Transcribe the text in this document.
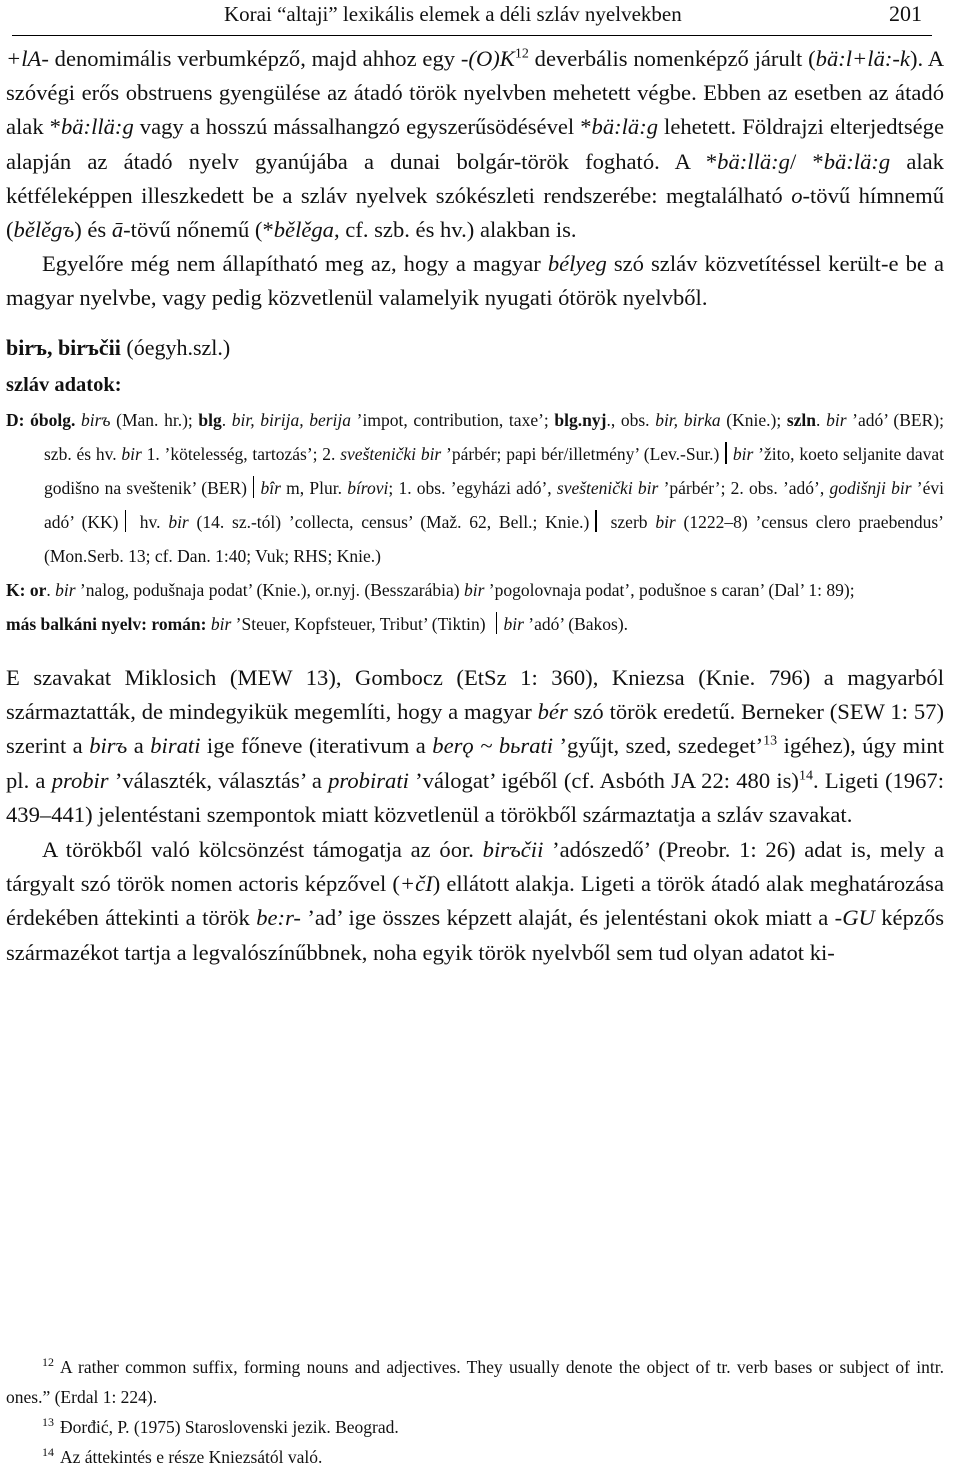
Korai “altaji” lexikális elemek a déli szláv nyelvekben	201

+lA- denomimális verbumképző, majd ahhoz egy $-(O)K^{12}$ deverbális nomenképző járult (bä:l+lä:-k). A szóvégi erős obstruens gyengülése az átadó török nyelvben mehetett végbe. Ebben az esetben az átadó alak *bä:llä:g vagy a hosszú mássalhangzó egyszerűsödésével *bä:lä:g lehetett. Földrajzi elterjedtsége alapján az átadó nyelv gyanújába a dunai bolgár-török fogható. A *bä:llä:g/ *bä:lä:g alak kétféleképpen illeszkedett be a szláv nyelvek szókészleti rendszerébe: megtalálható o-tövű hímnemű (bělěgъ) és ā-tövű nőnemű (*bělěga, cf. szb. és hv.) alakban is.

Egyelőre még nem állapítható meg az, hogy a magyar bélyeg szó szláv közvetítéssel került-e be a magyar nyelvbe, vagy pedig közvetlenül valamelyik nyugati ótörök nyelvből.

birъ, birъčii (óegyh.szl.)
szláv adatok:

D: óbolg. birъ (Man. hr.); blg. bir, birija, berija ’impot, contribution, taxe’; blg.nyj., obs. bir, birka (Knie.); szln. bir ’adó’ (BER); szb. és hv. bir 1. ’kötelesség, tartozás’; 2. sveštenički bir ’párbér; papi bér/illetmény’ (Lev.-Sur.) bir ’žito, koeto seljanite davat godišno na sveštenik’ (BER) bîr m, Plur. bírovi; 1. obs. ’egyházi adó’, sveštenički bir ’párbér’; 2. obs. ’adó’, godišnji bir ’évi adó’ (KK) hv. bir (14. sz.-tól) ’collecta, census’ (Maž. 62, Bell.; Knie.) szerb bir (1222–8) ’census clero praebendus’ (Mon.Serb. 13; cf. Dan. 1:40; Vuk; RHS; Knie.)

K: or. bir ’nalog, podušnaja podat’ (Knie.), or.nyj. (Besszarábia) bir ’pogolovnaja podat’, podušnoe s caran’ (Dal’ 1: 89);

más balkáni nyelv: román: bir ’Steuer, Kopfsteuer, Tribut’ (Tiktin) bir ’adó’ (Bakos).

E szavakat Miklosich (MEW 13), Gombocz (EtSz 1: 360), Kniezsa (Knie. 796) a magyarból származtatták, de mindegyikük megemlíti, hogy a magyar bér szó török eredetű. Berneker (SEW 1: 57) szerint a birъ a birati ige főneve (iterativum a berǫ ~ bьrati ’gyűjt, szed, szedeget’$^{13}$ igéhez), úgy mint pl. a probir ’választék, választás’ a probirati ’válogat’ igéből (cf. Asbóth JA 22: 480 is)$^{14}$. Ligeti (1967: 439–441) jelentéstani szempontok miatt közvetlenül a törökből származtatja a szláv szavakat.

A törökből való kölcsönzést támogatja az óor. birъčii ’adószedő’ (Preobr. 1: 26) adat is, mely a tárgyalt szó török nomen actoris képzővel (+čI) ellátott alakja. Ligeti a török átadó alak meghatározása érdekében áttekinti a török be:r- ’ad’ ige összes képzett alaját, és jelentéstani okok miatt a -GU képzős származékot tartja a legvalószínűbbnek, noha egyik török nyelvből sem tud olyan adatot ki-

$^{12}$ A rather common suffix, forming nouns and adjectives. They usually denote the object of tr. verb bases or subject of intr. ones.” (Erdal 1: 224).

$^{13}$ Đorđić, P. (1975) Staroslovenski jezik. Beograd.

$^{14}$ Az áttekintés e része Kniezsától való.
